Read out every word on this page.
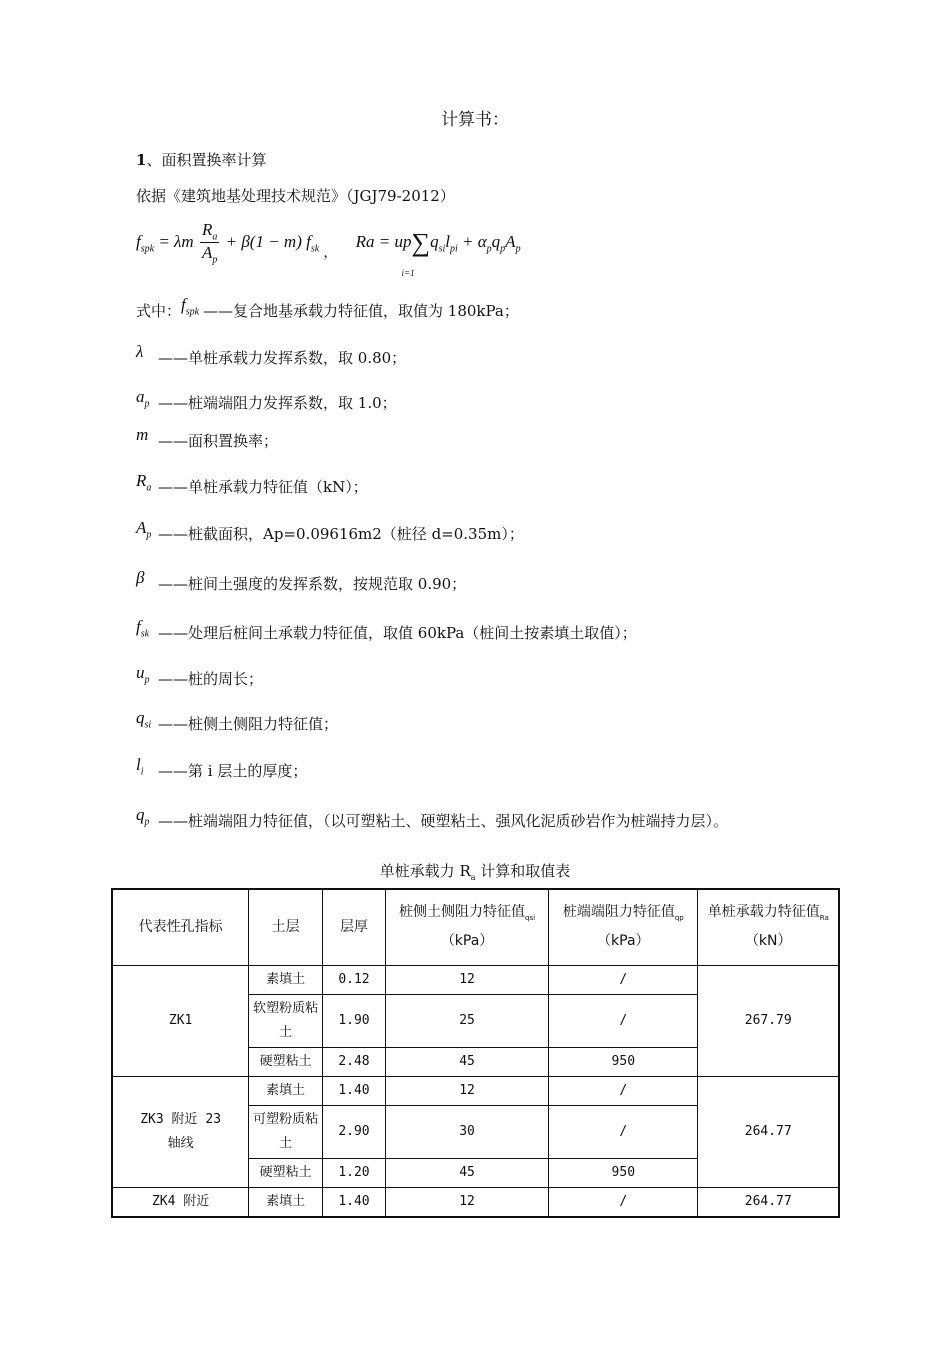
计算书：
1、面积置换率计算
依据《建筑地基处理技术规范》（JGJ79-2012）
$f_{spk} = \lambda m \frac{R_a}{A_p} + \beta(1 - m)$ $f_{sk}$ $_,$ Ra = up∑
i=1
$q_{si}l_{pi} + \alpha_pq_pA_p$
式中：$f_{spk}$ ——复合地基承载力特征值，取值为 180kPa；
λ ——单桩承载力发挥系数，取 0.80；
$a_p$ ——桩端端阻力发挥系数，取 1.0；
m ——面积置换率；
$R_a$ ——单桩承载力特征值（kN）；
$A_p$ ——桩截面积，Ap=0.09616m2（桩径 d=0.35m）；
β ——桩间土强度的发挥系数，按规范取 0.90；
$f_{sk}$ ——处理后桩间土承载力特征值，取值 60kPa（桩间土按素填土取值）；
$u_p$ ——桩的周长；
$q_{si}$ ——桩侧土侧阻力特征值；
$l_i$ ——第 i 层土的厚度；
$q_p$ ——桩端端阻力特征值，（以可塑粘土、硬塑粘土、强风化泥质砂岩作为桩端持力层）。
单桩承载力 $R_a$ 计算和取值表
代表性孔指标	土层	层厚	桩侧土侧阻力特征值$_{qsi}$（kPa）	桩端端阻力特征值$_{qp}$（kPa）	单桩承载力特征值$_{Ra}$（kN）
ZK1	素填土	0.12	12	/	267.79
	软塑粉质粘土	1.90	25	/	
	硬塑粘土	2.48	45	950	
ZK3 附近 23 轴线	素填土	1.40	12	/	264.77
	可塑粉质粘土	2.90	30	/	
	硬塑粘土	1.20	45	950	
ZK4 附近	素填土	1.40	12	/	264.77
